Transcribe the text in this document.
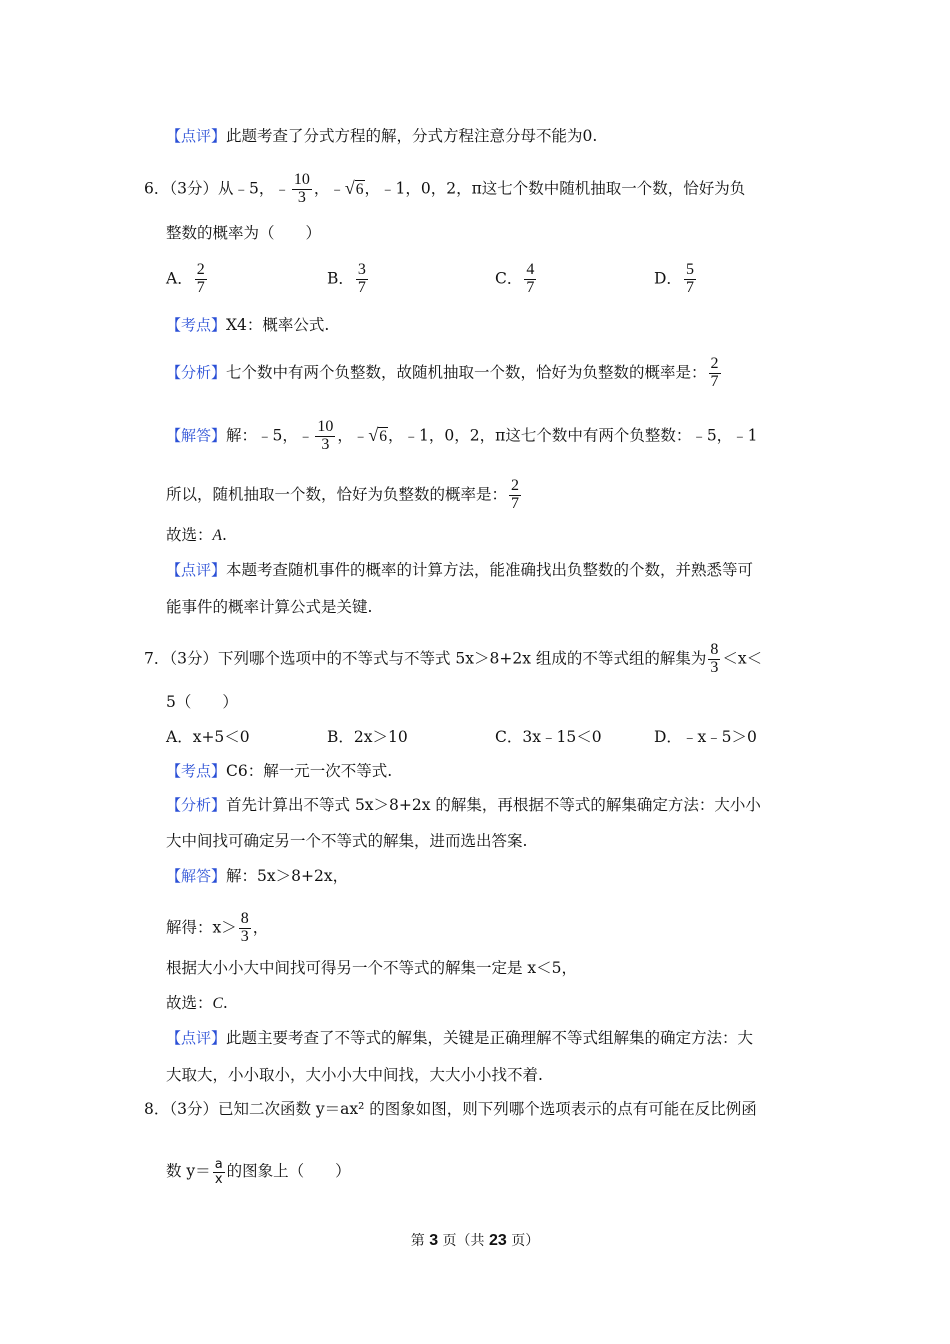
【点评】此题考查了分式方程的解，分式方程注意分母不能为0.
6．（3分）从﹣5，﹣ $\frac{10}{3}$ ，﹣√6，﹣1，0，2，π这七个数中随机抽取一个数，恰好为负
整数的概率为（　　）
A． $\frac{2}{7}$	B． $\frac{3}{7}$	C． $\frac{4}{7}$	D． $\frac{5}{7}$
【考点】X4：概率公式.
【分析】七个数中有两个负整数，故随机抽取一个数，恰好为负整数的概率是： $\frac{2}{7}$
【解答】解：﹣5，﹣ $\frac{10}{3}$ ，﹣√6，﹣1，0，2，π这七个数中有两个负整数：﹣5，﹣1
所以，随机抽取一个数，恰好为负整数的概率是： $\frac{2}{7}$
故选：A.
【点评】本题考查随机事件的概率的计算方法，能准确找出负整数的个数，并熟悉等可
能事件的概率计算公式是关键.
7．（3分）下列哪个选项中的不等式与不等式 5x＞8+2x 组成的不等式组的解集为 $\frac{8}{3} <x<$
5（　　）
A．x+5＜0	B．2x＞10	C．3x﹣15＜0	D．﹣x﹣5＞0
【考点】C6：解一元一次不等式.
【分析】首先计算出不等式 5x＞8+2x 的解集，再根据不等式的解集确定方法：大小小
大中间找可确定另一个不等式的解集，进而选出答案.
【解答】解：5x＞8+2x，
解得：$x> \frac{8}{3}$ ，
根据大小小大中间找可得另一个不等式的解集一定是 x＜5，
故选：C.
【点评】此题主要考查了不等式的解集，关键是正确理解不等式组解集的确定方法：大
大取大，小小取小，大小小大中间找，大大小小找不着.
8．（3分）已知二次函数 y＝ax² 的图象如图，则下列哪个选项表示的点有可能在反比例函
数 $y= \frac{a}{x}$ 的图象上（　　）
第 3 页（共 23 页）
